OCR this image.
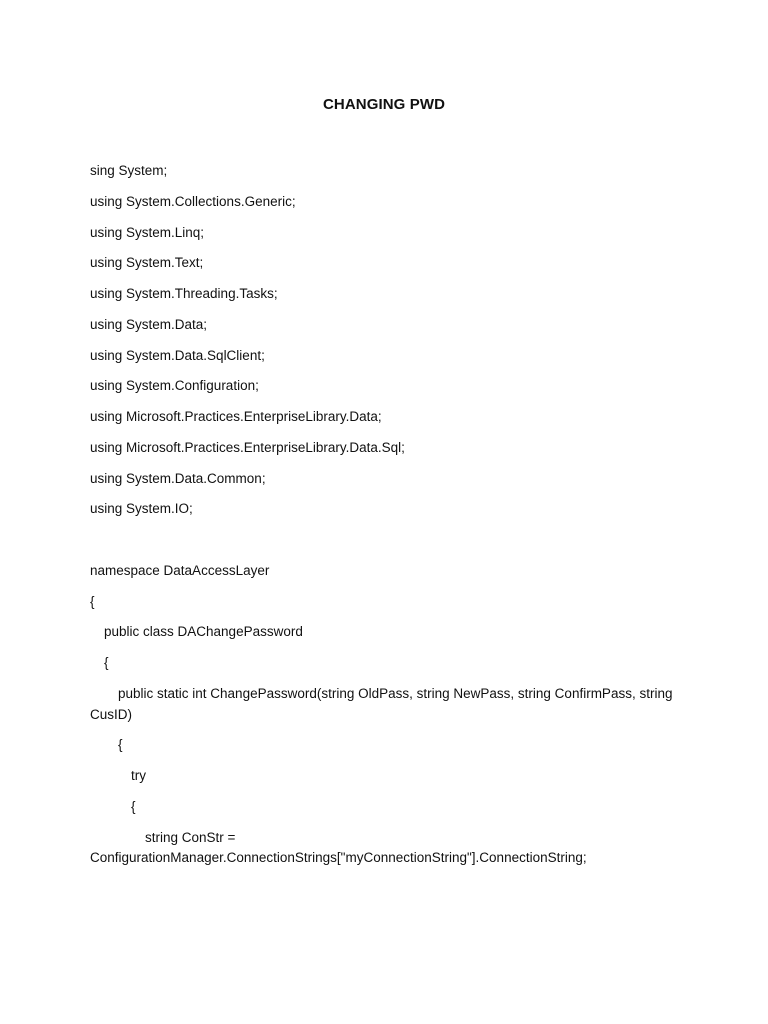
CHANGING PWD
sing System;
using System.Collections.Generic;
using System.Linq;
using System.Text;
using System.Threading.Tasks;
using System.Data;
using System.Data.SqlClient;
using System.Configuration;
using Microsoft.Practices.EnterpriseLibrary.Data;
using Microsoft.Practices.EnterpriseLibrary.Data.Sql;
using System.Data.Common;
using System.IO;
namespace DataAccessLayer
{
public class DAChangePassword
{
public static int ChangePassword(string OldPass, string NewPass, string ConfirmPass, string
CusID)
{
try
{
string ConStr =
ConfigurationManager.ConnectionStrings["myConnectionString"].ConnectionString;
